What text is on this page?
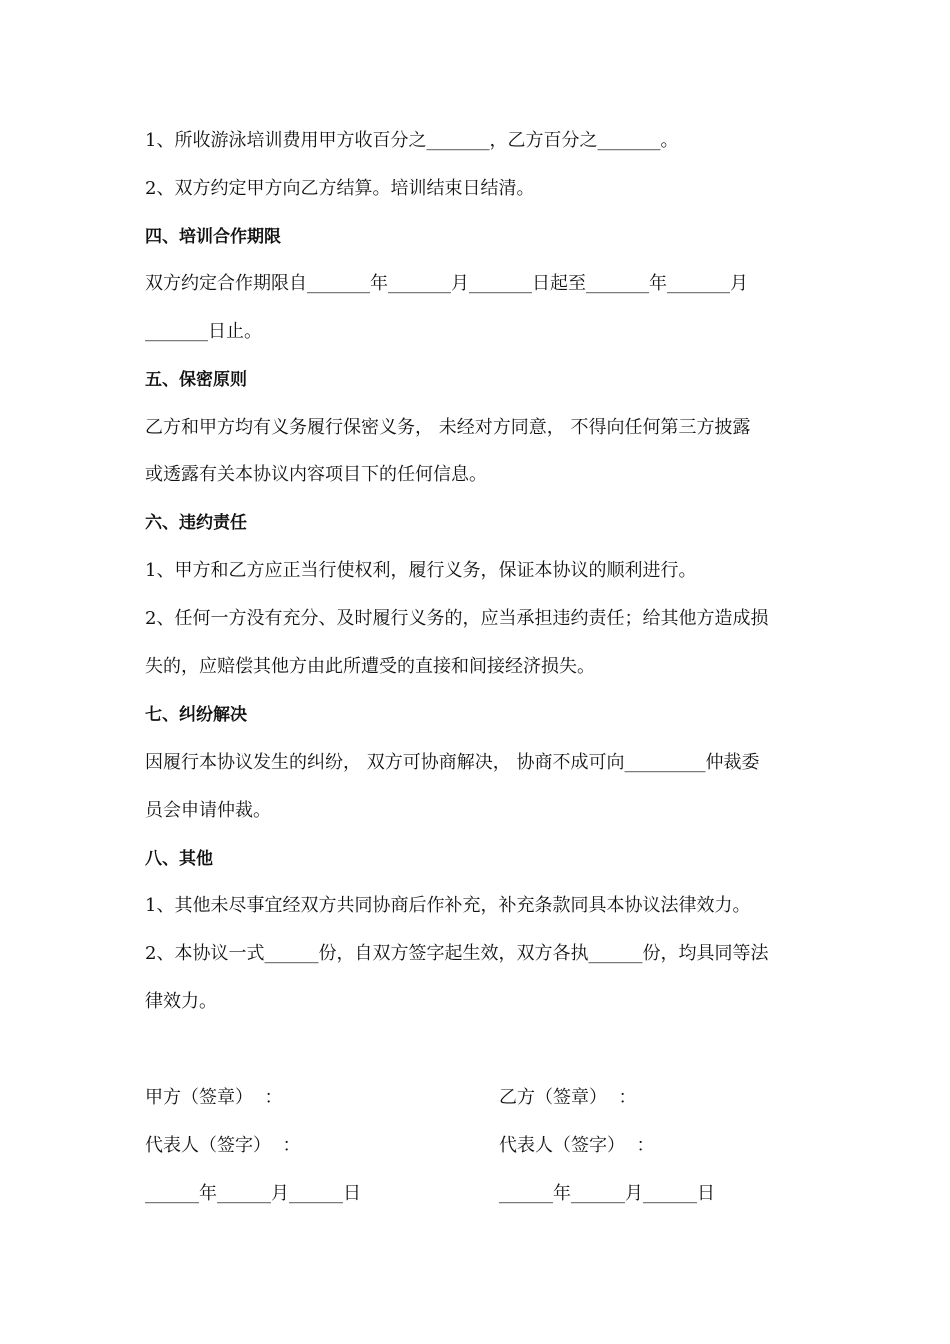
1、所收游泳培训费用甲方收百分之_______，乙方百分之_______。
2、双方约定甲方向乙方结算。培训结束日结清。
四、培训合作期限
双方约定合作期限自_______年_______月_______日起至_______年_______月
_______日止。
五、保密原则
乙方和甲方均有义务履行保密义务， 未经对方同意， 不得向任何第三方披露
或透露有关本协议内容项目下的任何信息。
六、违约责任
1、甲方和乙方应正当行使权利，履行义务，保证本协议的顺利进行。
2、任何一方没有充分、及时履行义务的，应当承担违约责任；给其他方造成损
失的，应赔偿其他方由此所遭受的直接和间接经济损失。
七、纠纷解决
因履行本协议发生的纠纷， 双方可协商解决， 协商不成可向_________仲裁委
员会申请仲裁。
八、其他
1、其他未尽事宜经双方共同协商后作补充，补充条款同具本协议法律效力。
2、本协议一式______份，自双方签字起生效，双方各执______份，均具同等法
律效力。
甲方（签章）  ：	乙方（签章）  ：
代表人（签字）  ：	代表人（签字）  ：
______年______月______日	______年______月______日
